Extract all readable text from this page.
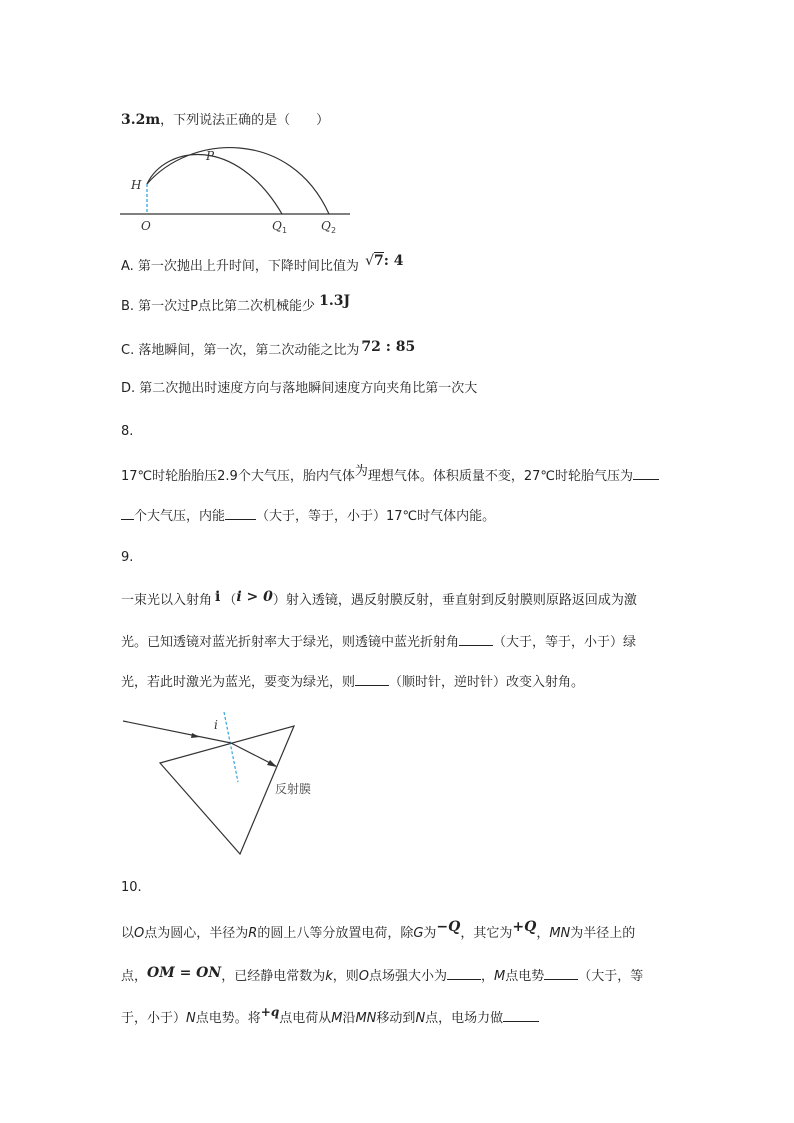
3.2m，下列说法正确的是（　　）
H
P
O	Q 1	Q 2
A. 第一次抛出上升时间，下降时间比值为 √7: 4
B. 第一次过P点比第二次机械能少 1.3J
C. 落地瞬间，第一次，第二次动能之比为 72 : 85
D. 第二次抛出时速度方向与落地瞬间速度方向夹角比第一次大
8.
17℃时轮胎胎压2.9个大气压，胎内气体为理想气体。体积质量不变，27℃时轮胎气压为
个大气压，内能 （大于，等于，小于）17℃时气体内能。
9.
一束光以入射角 i （i > 0）射入透镜，遇反射膜反射，垂直射到反射膜则原路返回成为激
光。已知透镜对蓝光折射率大于绿光，则透镜中蓝光折射角	（大于，等于，小于）绿
光，若此时激光为蓝光，要变为绿光，则	（顺时针，逆时针）改变入射角。
i
反射膜
10.
以O点为圆心，半径为R的圆上八等分放置电荷，除G为−Q，其它为+Q，MN为半径上的
点，OM = ON，已经静电常数为k，则O点场强大小为	，M点电势	（大于，等
于，小于）N点电势。将+q点电荷从M沿MN移动到N点，电场力做
